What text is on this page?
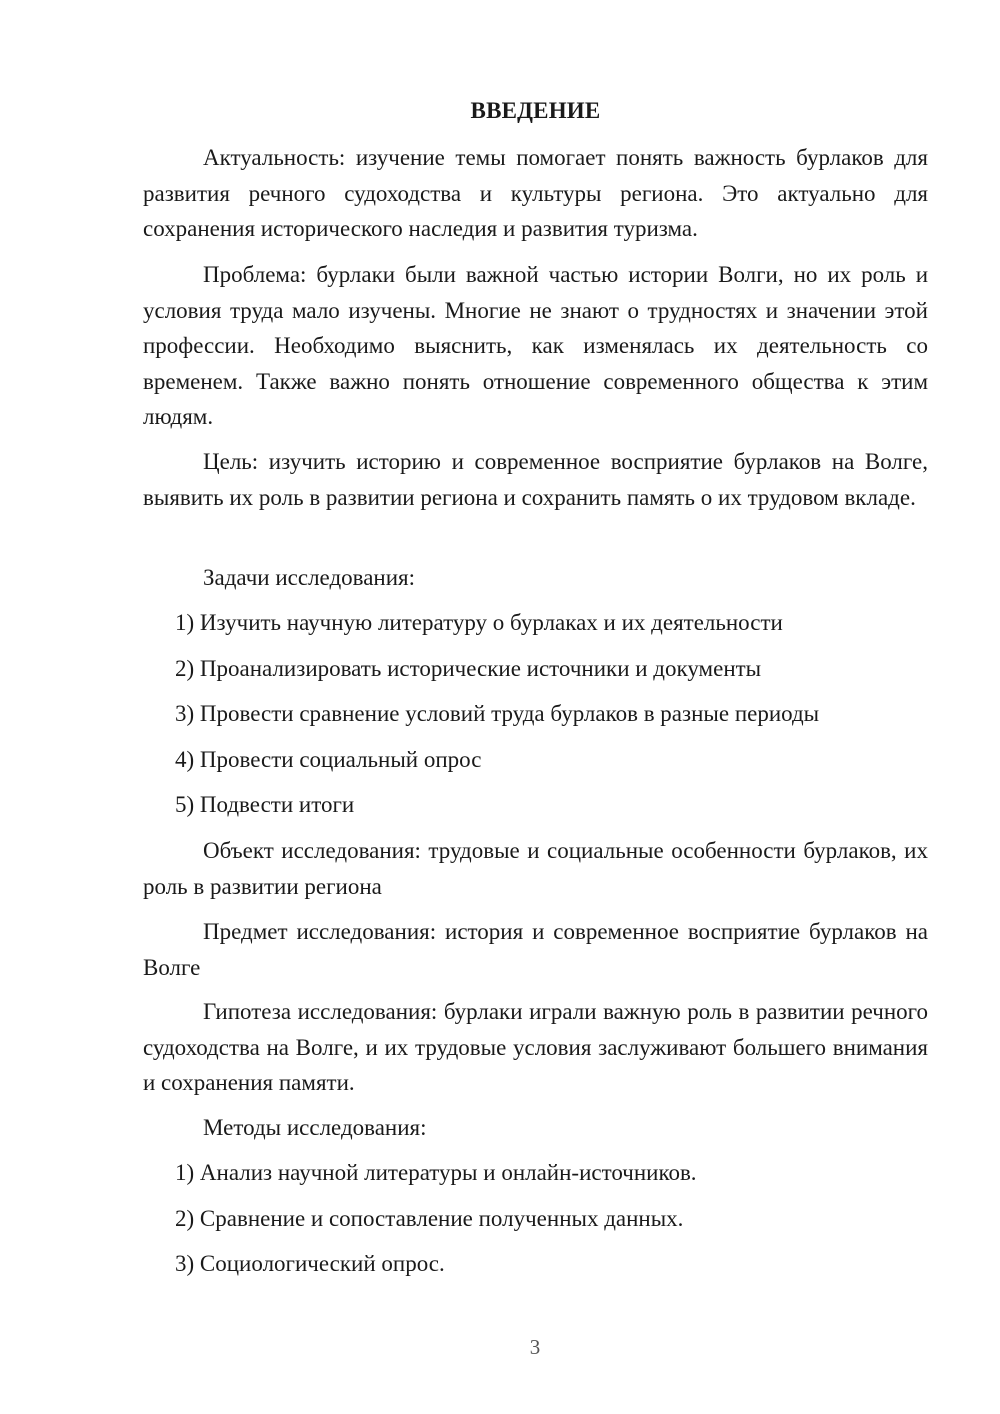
ВВЕДЕНИЕ

Актуальность: изучение темы помогает понять важность бурлаков для развития речного судоходства и культуры региона. Это актуально для сохранения исторического наследия и развития туризма.

Проблема: бурлаки были важной частью истории Волги, но их роль и условия труда мало изучены. Многие не знают о трудностях и значении этой профессии. Необходимо выяснить, как изменялась их деятельность со временем. Также важно понять отношение современного общества к этим людям.

Цель: изучить историю и современное восприятие бурлаков на Волге, выявить их роль в развитии региона и сохранить память о их трудовом вкладе.

Задачи исследования:

1) Изучить научную литературу о бурлаках и их деятельности

2) Проанализировать исторические источники и документы

3) Провести сравнение условий труда бурлаков в разные периоды

4) Провести социальный опрос

5) Подвести итоги

Объект исследования: трудовые и социальные особенности бурлаков, их роль в развитии региона

Предмет исследования: история и современное восприятие бурлаков на Волге

Гипотеза исследования: бурлаки играли важную роль в развитии речного судоходства на Волге, и их трудовые условия заслуживают большего внимания и сохранения памяти.

Методы исследования:

1) Анализ научной литературы и онлайн-источников.

2) Сравнение и сопоставление полученных данных.

3) Социологический опрос.

3
